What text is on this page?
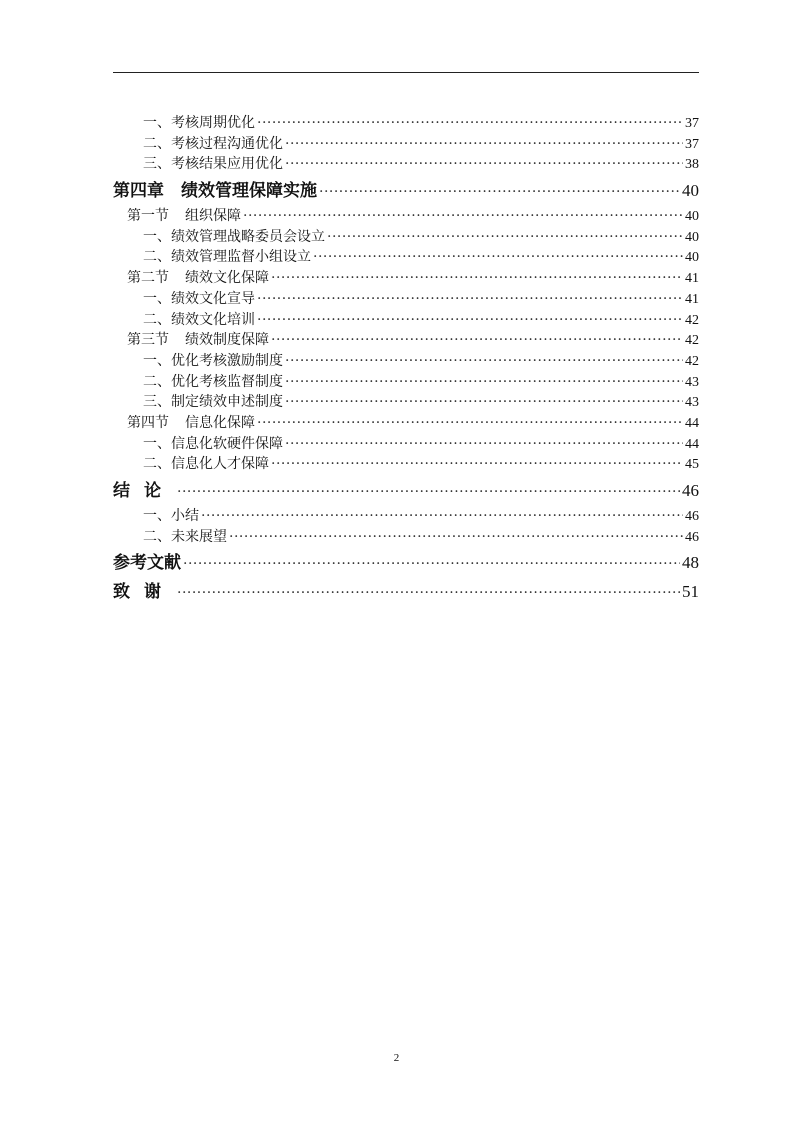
一、考核周期优化 ·····	37
二、考核过程沟通优化 ·····	37
三、考核结果应用优化 ·····	38
第四章　绩效管理保障实施 ·····	40
第一节 组织保障 ·····	40
一、绩效管理战略委员会设立 ·····	40
二、绩效管理监督小组设立 ·····	40
第二节 绩效文化保障 ·····	41
一、绩效文化宣导 ·····	41
二、绩效文化培训 ·····	42
第三节 绩效制度保障 ·····	42
一、优化考核激励制度 ·····	42
二、优化考核监督制度 ·····	43
三、制定绩效申述制度 ·····	43
第四节 信息化保障 ·····	44
一、信息化软硬件保障 ·····	44
二、信息化人才保障 ·····	45
结论 ·····	46
一、小结 ·····	46
二、未来展望 ·····	46
参考文献 ·····	48
致谢 ·····	51
2
